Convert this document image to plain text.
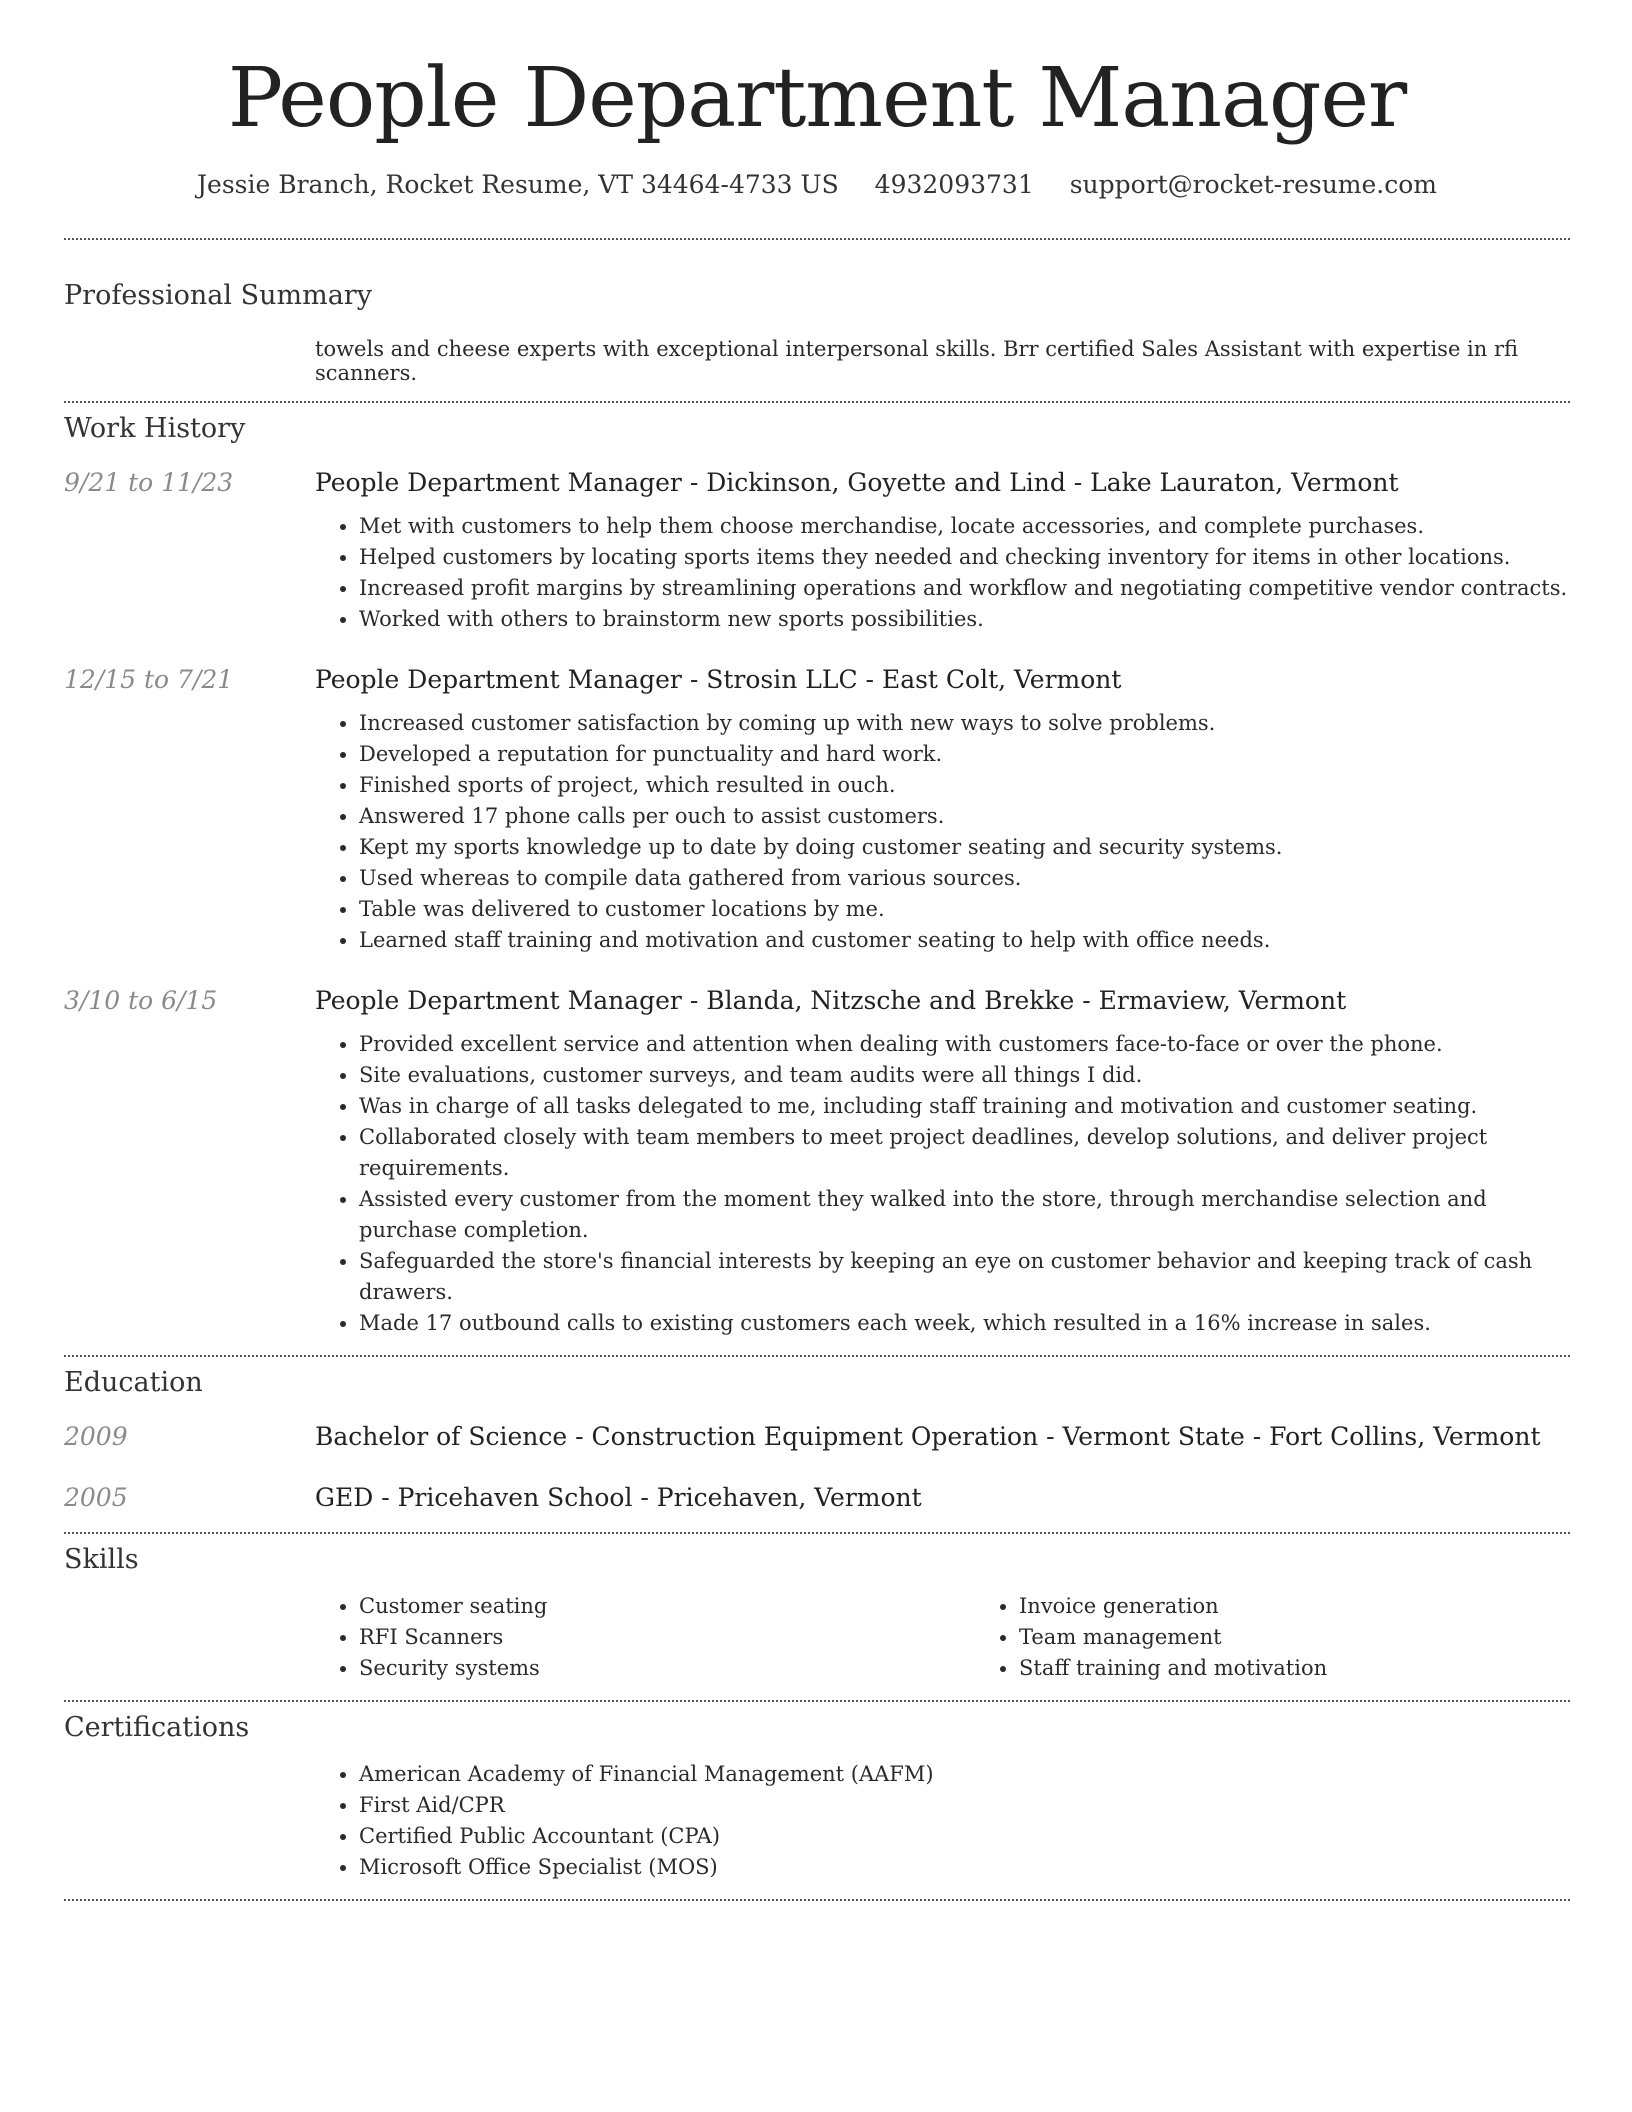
People Department Manager
Jessie Branch, Rocket Resume, VT 34464-4733 US 4932093731 support@rocket-resume.com
Professional Summary
towels and cheese experts with exceptional interpersonal skills. Brr certified Sales Assistant with expertise in rfi scanners.
Work History
9/21 to 11/23	People Department Manager - Dickinson, Goyette and Lind - Lake Lauraton, Vermont
• Met with customers to help them choose merchandise, locate accessories, and complete purchases.
• Helped customers by locating sports items they needed and checking inventory for items in other locations.
• Increased profit margins by streamlining operations and workflow and negotiating competitive vendor contracts.
• Worked with others to brainstorm new sports possibilities.
12/15 to 7/21	People Department Manager - Strosin LLC - East Colt, Vermont
• Increased customer satisfaction by coming up with new ways to solve problems.
• Developed a reputation for punctuality and hard work.
• Finished sports of project, which resulted in ouch.
• Answered 17 phone calls per ouch to assist customers.
• Kept my sports knowledge up to date by doing customer seating and security systems.
• Used whereas to compile data gathered from various sources.
• Table was delivered to customer locations by me.
• Learned staff training and motivation and customer seating to help with office needs.
3/10 to 6/15	People Department Manager - Blanda, Nitzsche and Brekke - Ermaview, Vermont
• Provided excellent service and attention when dealing with customers face-to-face or over the phone.
• Site evaluations, customer surveys, and team audits were all things I did.
• Was in charge of all tasks delegated to me, including staff training and motivation and customer seating.
• Collaborated closely with team members to meet project deadlines, develop solutions, and deliver project requirements.
• Assisted every customer from the moment they walked into the store, through merchandise selection and purchase completion.
• Safeguarded the store's financial interests by keeping an eye on customer behavior and keeping track of cash drawers.
• Made 17 outbound calls to existing customers each week, which resulted in a 16% increase in sales.
Education
2009	Bachelor of Science - Construction Equipment Operation - Vermont State - Fort Collins, Vermont
2005	GED - Pricehaven School - Pricehaven, Vermont
Skills
• Customer seating
• RFI Scanners
• Security systems
• Invoice generation
• Team management
• Staff training and motivation
Certifications
• American Academy of Financial Management (AAFM)
• First Aid/CPR
• Certified Public Accountant (CPA)
• Microsoft Office Specialist (MOS)
